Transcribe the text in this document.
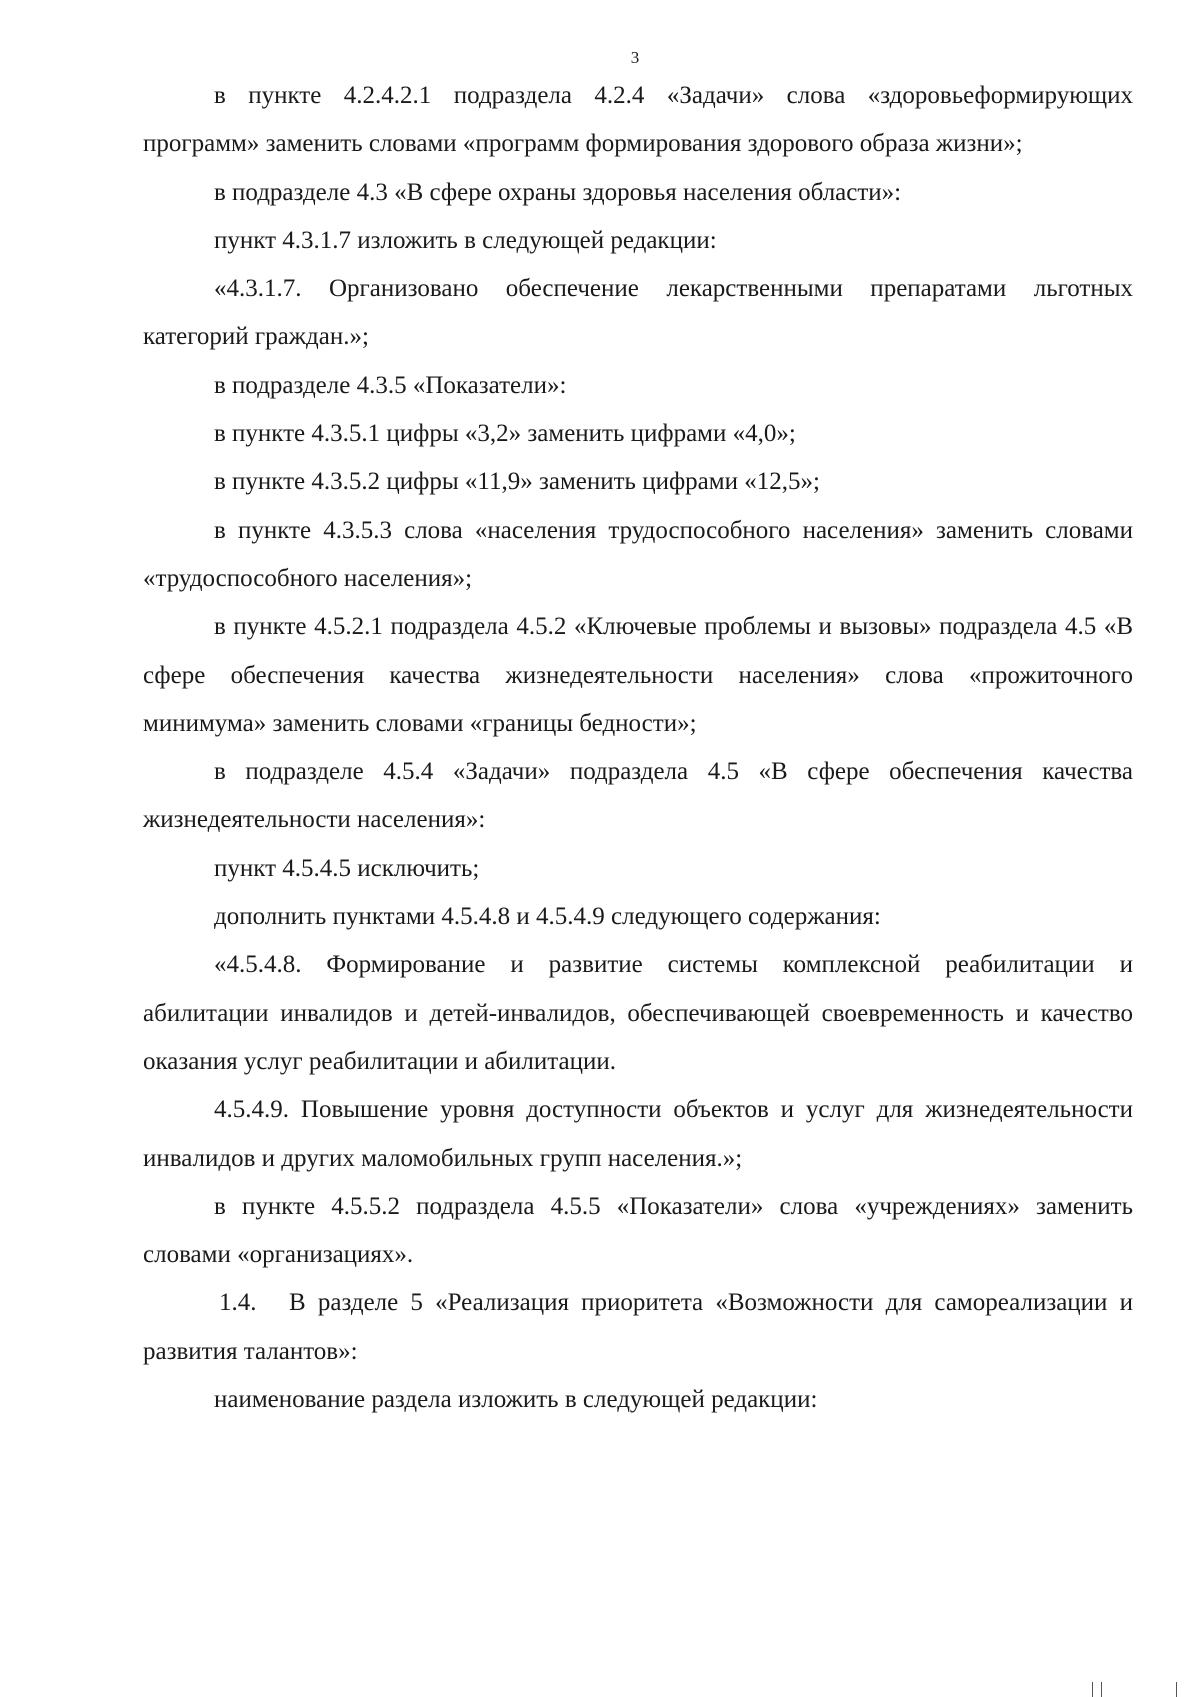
3

в пункте 4.2.4.2.1 подраздела 4.2.4 «Задачи» слова «здоровьеформирующих программ» заменить словами «программ формирования здорового образа жизни»;

в подразделе 4.3 «В сфере охраны здоровья населения области»:

пункт 4.3.1.7 изложить в следующей редакции:

«4.3.1.7. Организовано обеспечение лекарственными препаратами льготных категорий граждан.»;

в подразделе 4.3.5 «Показатели»:

в пункте 4.3.5.1 цифры «3,2» заменить цифрами «4,0»;

в пункте 4.3.5.2 цифры «11,9» заменить цифрами «12,5»;

в пункте 4.3.5.3 слова «населения трудоспособного населения» заменить словами «трудоспособного населения»;

в пункте 4.5.2.1 подраздела 4.5.2 «Ключевые проблемы и вызовы» подраздела 4.5 «В сфере обеспечения качества жизнедеятельности населения» слова «прожиточного минимума» заменить словами «границы бедности»;

в подразделе 4.5.4 «Задачи» подраздела 4.5 «В сфере обеспечения качества жизнедеятельности населения»:

пункт 4.5.4.5 исключить;

дополнить пунктами 4.5.4.8 и 4.5.4.9 следующего содержания:

«4.5.4.8. Формирование и развитие системы комплексной реабилитации и абилитации инвалидов и детей-инвалидов, обеспечивающей своевременность и качество оказания услуг реабилитации и абилитации.

4.5.4.9. Повышение уровня доступности объектов и услуг для жизнедеятельности инвалидов и других маломобильных групп населения.»;

в пункте 4.5.5.2 подраздела 4.5.5 «Показатели» слова «учреждениях» заменить словами «организациях».

1.4. В разделе 5 «Реализация приоритета «Возможности для самореализации и развития талантов»:

наименование раздела изложить в следующей редакции:
